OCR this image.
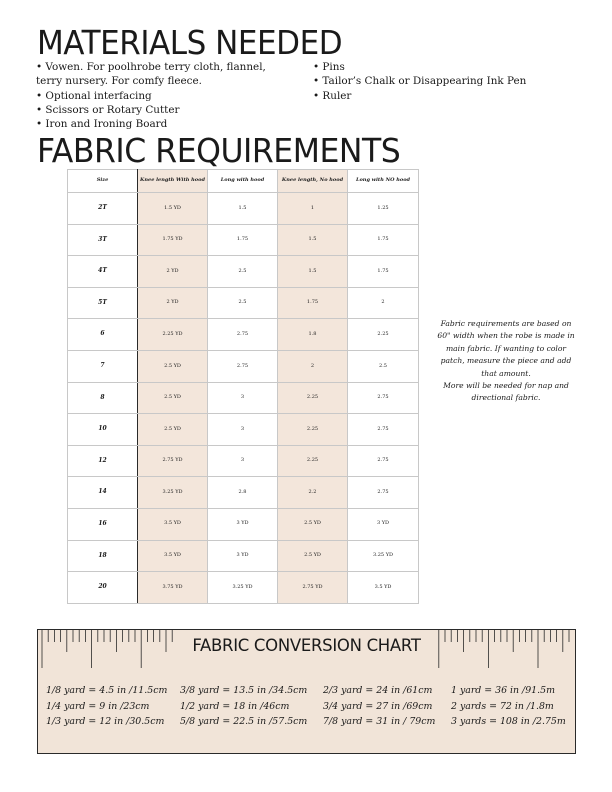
MATERIALS NEEDED
• Vowen. For poolhrobe terry cloth, flannel, terry nursery. For comfy fleece.
• Optional interfacing
• Scissors or Rotary Cutter
• Iron and Ironing Board
• Pins
• Tailor’s Chalk or Disappearing Ink Pen
• Ruler
FABRIC REQUIREMENTS
Size	Knee length With hood	Long with hood	Knee length, No hood	Long with NO hood
2T	1.5 YD	1.5	1	1.25
3T	1.75 YD	1.75	1.5	1.75
4T	2 YD	2.5	1.5	1.75
5T	2 YD	2.5	1.75	2
6	2.25 YD	2.75	1.8	2.25
7	2.5 YD	2.75	2	2.5
8	2.5 YD	3	2.25	2.75
10	2.5 YD	3	2.25	2.75
12	2.75 YD	3	2.25	2.75
14	3.25 YD	2.8	2.2	2.75
16	3.5 YD	3 YD	2.5 YD	3 YD
18	3.5 YD	3 YD	2.5 YD	3.25 YD
20	3.75 YD	3.25 YD	2.75 YD	3.5 YD

Fabric requirements are based on 60" width when the robe is made in main fabric. If wanting to color patch, measure the piece and add that amount.

More will be needed for nap and directional fabric.

FABRIC CONVERSION CHART
1/8 yard = 4.5 in /11.5cm
1/4 yard = 9 in /23cm
1/3 yard = 12 in /30.5cm
3/8 yard = 13.5 in /34.5cm
1/2 yard = 18 in /46cm
5/8 yard = 22.5 in /57.5cm
2/3 yard = 24 in /61cm
3/4 yard = 27 in /69cm
7/8 yard = 31 in / 79cm
1 yard = 36 in /91.5m
2 yards = 72 in /1.8m
3 yards = 108 in /2.75m
